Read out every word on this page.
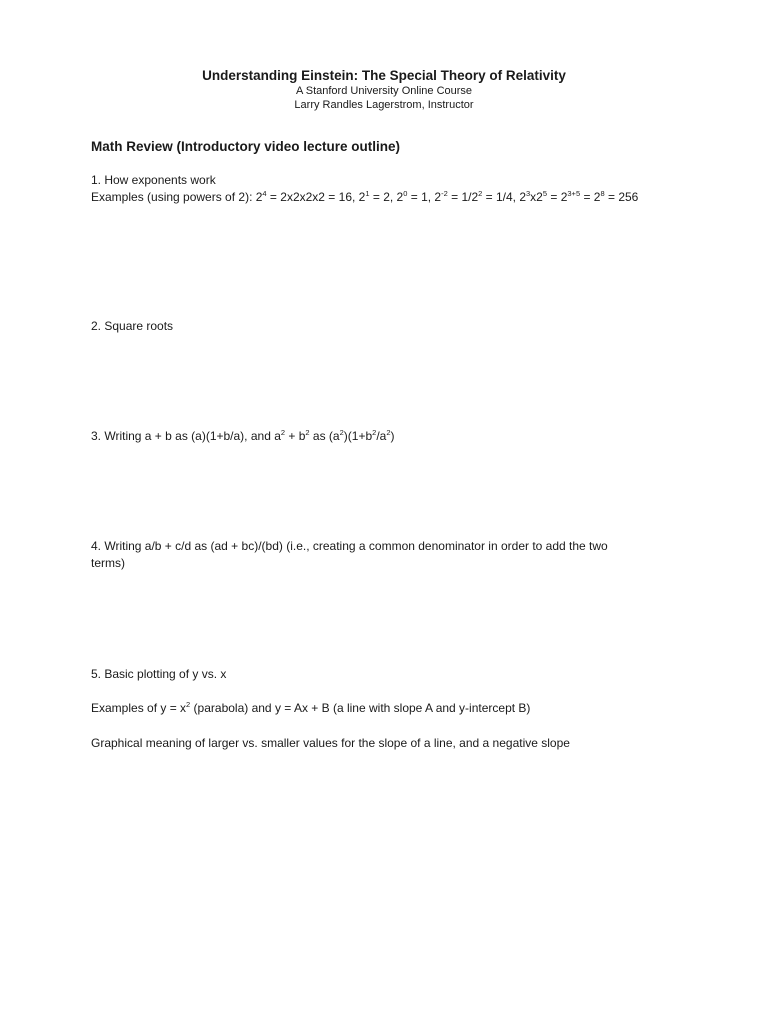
Understanding Einstein: The Special Theory of Relativity
A Stanford University Online Course
Larry Randles Lagerstrom, Instructor
Math Review (Introductory video lecture outline)
1. How exponents work
Examples (using powers of 2): $2^4 = 2x2x2x2 = 16$, $2^1 = 2$, $2^0 = 1$, $2^{-2} = 1/2^2 = 1/4$, $2^3x2^5 = 2^{3+5} = 2^8 = 256$
2. Square roots
3. Writing a + b as (a)(1+b/a), and $a^2 + b^2$ as $(a^2)(1+b^2/a^2)$
4. Writing a/b + c/d as (ad + bc)/(bd) (i.e., creating a common denominator in order to add the two
terms)
5. Basic plotting of y vs. x
Examples of $y = x^2$ (parabola) and y = Ax + B (a line with slope A and y-intercept B)
Graphical meaning of larger vs. smaller values for the slope of a line, and a negative slope
